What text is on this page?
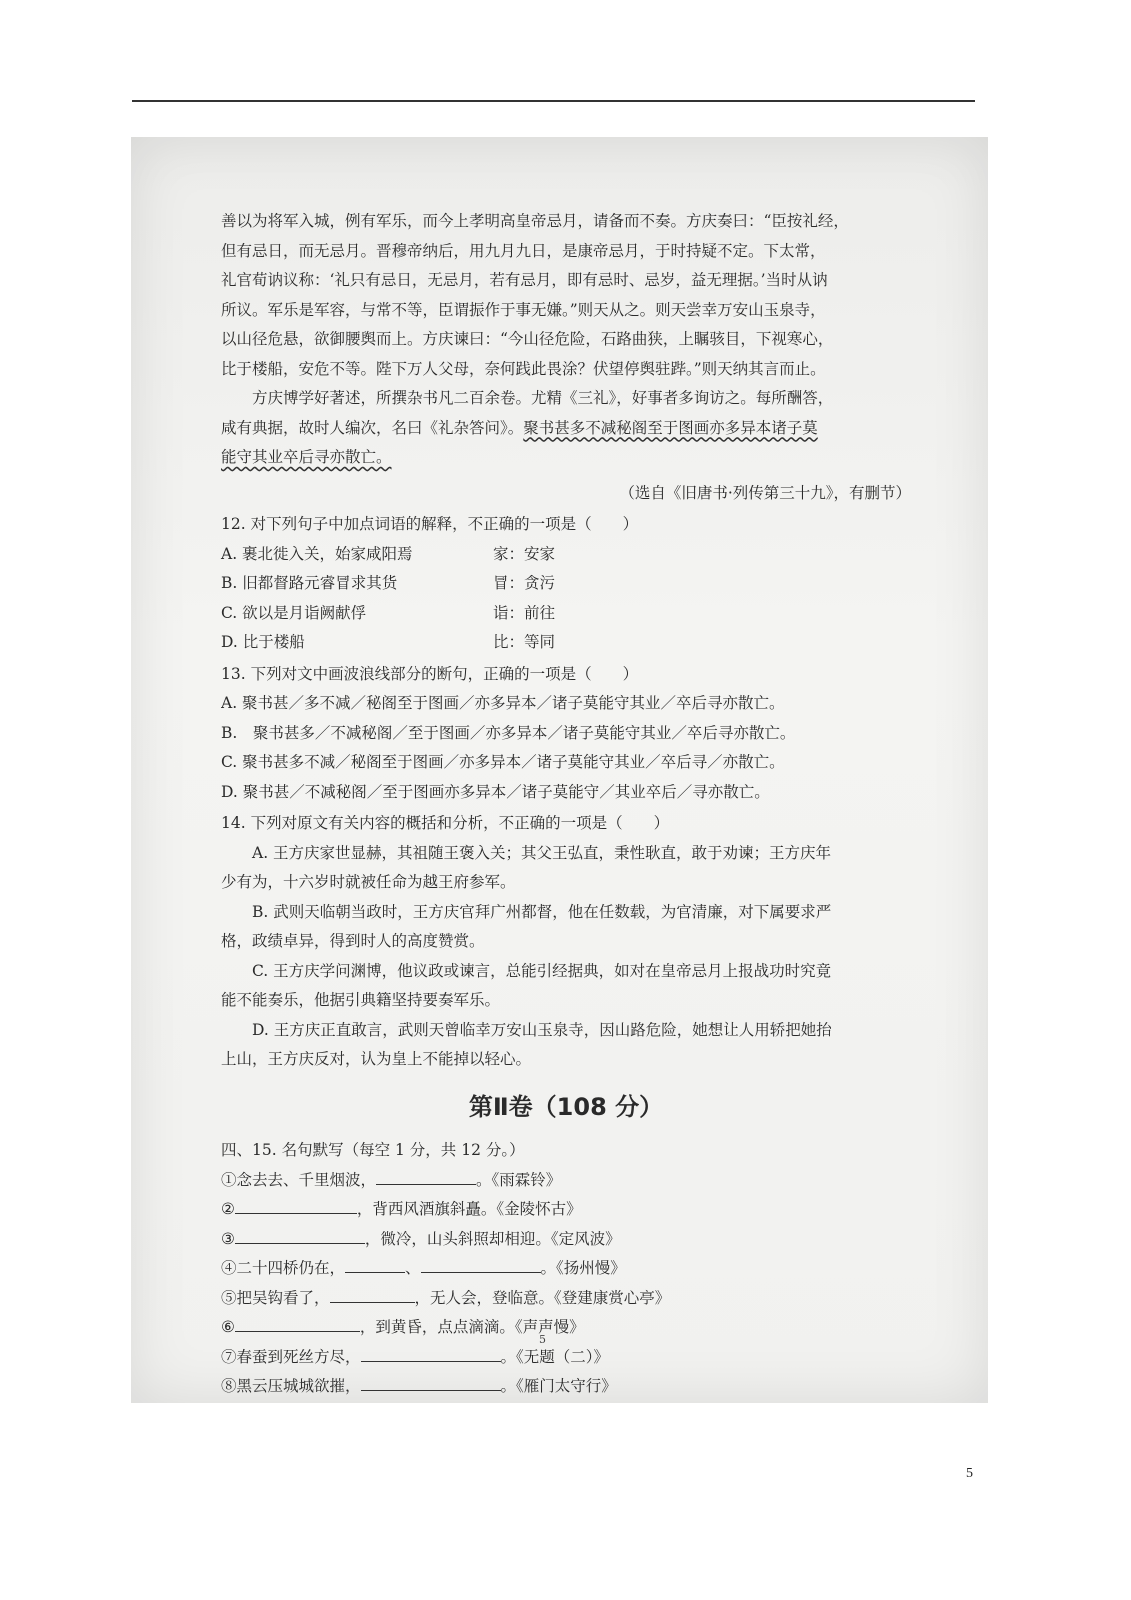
善以为将军入城，例有军乐，而今上孝明高皇帝忌月，请备而不奏。方庆奏曰：“臣按礼经，
但有忌日，而无忌月。晋穆帝纳后，用九月九日，是康帝忌月，于时持疑不定。下太常，
礼官荀讷议称：‘礼只有忌日，无忌月，若有忌月，即有忌时、忌岁，益无理据。’当时从讷
所议。军乐是军容，与常不等，臣谓振作于事无嫌。”则天从之。则天尝幸万安山玉泉寺，
以山径危悬，欲御腰舆而上。方庆谏曰：“今山径危险，石路曲狭，上瞩骇目，下视寒心，
比于楼船，安危不等。陛下万人父母，奈何践此畏涂？伏望停舆驻跸。”则天纳其言而止。
方庆博学好著述，所撰杂书凡二百余卷。尤精《三礼》，好事者多询访之。每所酬答，
咸有典据，故时人编次，名曰《礼杂答问》。聚书甚多不减秘阁至于图画亦多异本诸子莫
能守其业卒后寻亦散亡。
（选自《旧唐书·列传第三十九》，有删节）
12. 对下列句子中加点词语的解释，不正确的一项是（　　）
A. 裹北徙入关，始家咸阳焉	家：安家
B. 旧都督路元睿冒求其货	冒：贪污
C. 欲以是月诣阙献俘	诣：前往
D. 比于楼船	比：等同
13. 下列对文中画波浪线部分的断句，正确的一项是（　　）
A. 聚书甚／多不减／秘阁至于图画／亦多异本／诸子莫能守其业／卒后寻亦散亡。
B.　聚书甚多／不减秘阁／至于图画／亦多异本／诸子莫能守其业／卒后寻亦散亡。
C. 聚书甚多不减／秘阁至于图画／亦多异本／诸子莫能守其业／卒后寻／亦散亡。
D. 聚书甚／不减秘阁／至于图画亦多异本／诸子莫能守／其业卒后／寻亦散亡。
14. 下列对原文有关内容的概括和分析，不正确的一项是（　　）
A. 王方庆家世显赫，其祖随王褒入关；其父王弘直，秉性耿直，敢于劝谏；王方庆年
少有为，十六岁时就被任命为越王府参军。
B. 武则天临朝当政时，王方庆官拜广州都督，他在任数载，为官清廉，对下属要求严
格，政绩卓异，得到时人的高度赞赏。
C. 王方庆学问渊博，他议政或谏言，总能引经据典，如对在皇帝忌月上报战功时究竟
能不能奏乐，他据引典籍坚持要奏军乐。
D. 王方庆正直敢言，武则天曾临幸万安山玉泉寺，因山路危险，她想让人用轿把她抬
上山，王方庆反对，认为皇上不能掉以轻心。
第Ⅱ卷（108 分）
四、15. 名句默写（每空 1 分，共 12 分。）
①念去去、千里烟波，	。《雨霖铃》
②	，背西风酒旗斜矗。《金陵怀古》
③	，微冷，山头斜照却相迎。《定风波》
④二十四桥仍在，	、	。《扬州慢》
⑤把吴钩看了，	，无人会，登临意。《登建康赏心亭》
⑥	，到黄昏，点点滴滴。《声声慢》
⑦春蚕到死丝方尽，	。《无题（二）》
⑧黑云压城城欲摧，	。《雁门太守行》
5
5
